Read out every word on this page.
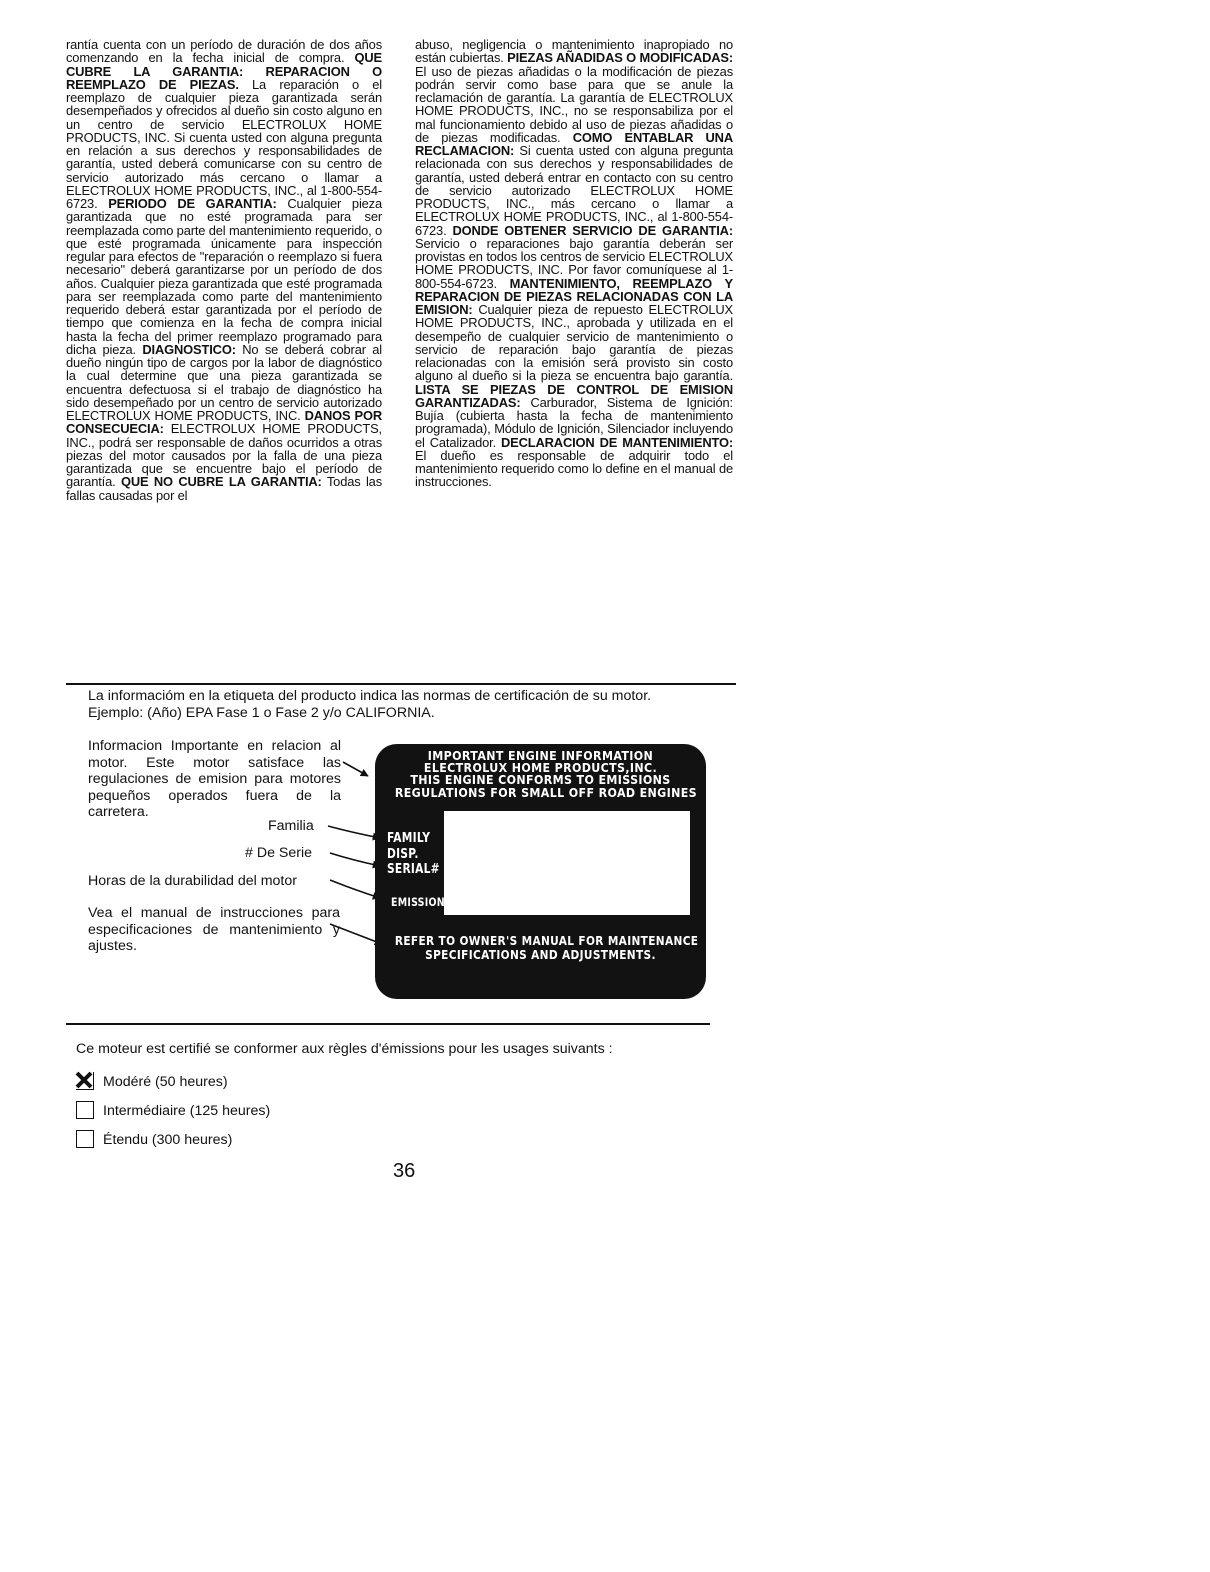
rantía cuenta con un período de duración de dos años comenzando en la fecha inicial de compra. QUE CUBRE LA GARANTIA: REPARACION O REEMPLAZO DE PIEZAS. La reparación o el reemplazo de cualquier pieza garantizada serán desempeñados y ofrecidos al dueño sin costo alguno en un centro de servicio ELECTROLUX HOME PRODUCTS, INC. Si cuenta usted con alguna pregunta en relación a sus derechos y responsabilidades de garantía, usted deberá comunicarse con su centro de servicio autorizado más cercano o llamar a ELECTROLUX HOME PRODUCTS, INC., al 1-800-554-6723. PERIODO DE GARANTIA: Cualquier pieza garantizada que no esté programada para ser reemplazada como parte del mantenimiento requerido, o que esté programada únicamente para inspección regular para efectos de "reparación o reemplazo si fuera necesario" deberá garantizarse por un período de dos años. Cualquier pieza garantizada que esté programada para ser reemplazada como parte del mantenimiento requerido deberá estar garantizada por el período de tiempo que comienza en la fecha de compra inicial hasta la fecha del primer reemplazo programado para dicha pieza. DIAGNOSTICO: No se deberá cobrar al dueño ningún tipo de cargos por la labor de diagnóstico la cual determine que una pieza garantizada se encuentra defectuosa si el trabajo de diagnóstico ha sido desempeñado por un centro de servicio autorizado ELECTROLUX HOME PRODUCTS, INC. DANOS POR CONSECUECIA: ELECTROLUX HOME PRODUCTS, INC., podrá ser responsable de daños ocurridos a otras piezas del motor causados por la falla de una pieza garantizada que se encuentre bajo el período de garantía. QUE NO CUBRE LA GARANTIA: Todas las fallas causadas por el

abuso, negligencia o mantenimiento inapropiado no están cubiertas. PIEZAS AÑADIDAS O MODIFICADAS: El uso de piezas añadidas o la modificación de piezas podrán servir como base para que se anule la reclamación de garantía. La garantía de ELECTROLUX HOME PRODUCTS, INC., no se responsabiliza por el mal funcionamiento debido al uso de piezas añadidas o de piezas modificadas. COMO ENTABLAR UNA RECLAMACION: Si cuenta usted con alguna pregunta relacionada con sus derechos y responsabilidades de garantía, usted deberá entrar en contacto con su centro de servicio autorizado ELECTROLUX HOME PRODUCTS, INC., más cercano o llamar a ELECTROLUX HOME PRODUCTS, INC., al 1-800-554-6723. DONDE OBTENER SERVICIO DE GARANTIA: Servicio o reparaciones bajo garantía deberán ser provistas en todos los centros de servicio ELECTROLUX HOME PRODUCTS, INC. Por favor comuníquese al 1-800-554-6723. MANTENIMIENTO, REEMPLAZO Y REPARACION DE PIEZAS RELACIONADAS CON LA EMISION: Cualquier pieza de repuesto ELECTROLUX HOME PRODUCTS, INC., aprobada y utilizada en el desempeño de cualquier servicio de mantenimiento o servicio de reparación bajo garantía de piezas relacionadas con la emisión será provisto sin costo alguno al dueño si la pieza se encuentra bajo garantía. LISTA SE PIEZAS DE CONTROL DE EMISION GARANTIZADAS: Carburador, Sistema de Ignición: Bujía (cubierta hasta la fecha de mantenimiento programada), Módulo de Ignición, Silenciador incluyendo el Catalizador. DECLARACION DE MANTENIMIENTO: El dueño es responsable de adquirir todo el mantenimiento requerido como lo define en el manual de instrucciones.

La informacióm en la etiqueta del producto indica las normas de certificación de su motor.
Ejemplo: (Año) EPA Fase 1 o Fase 2 y/o CALIFORNIA.
Informacion Importante en relacion al motor. Este motor satisface las regulaciones de emision para motores pequeños operados fuera de la carretera.
Familia
# De Serie
Horas de la durabilidad del motor
Vea el manual de instrucciones para especificaciones de mantenimiento y ajustes.
IMPORTANT ENGINE INFORMATION
ELECTROLUX HOME PRODUCTS,INC.
THIS ENGINE CONFORMS TO EMISSIONS
REGULATIONS FOR SMALL OFF ROAD ENGINES
FAMILY
DISP.
SERIAL#
EMISSION
REFER TO OWNER'S MANUAL FOR MAINTENANCE
SPECIFICATIONS AND ADJUSTMENTS.
Ce moteur est certifié se conformer aux règles d'émissions pour les usages suivants :
Modéré (50 heures)
Intermédiaire (125 heures)
Étendu (300 heures)
36
